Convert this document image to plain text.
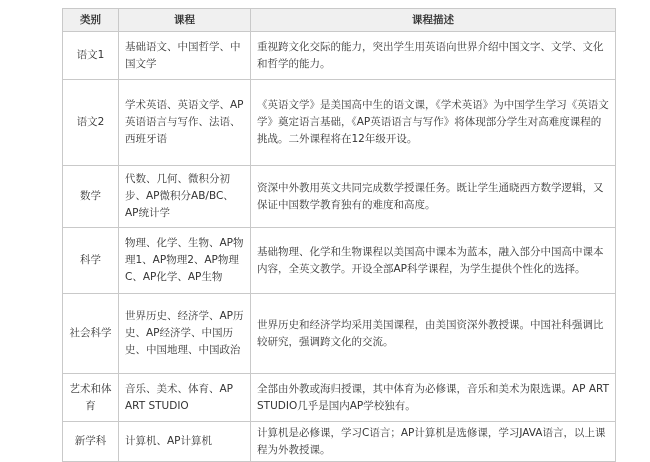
类别	课程	课程描述
语文1	基础语文、中国哲学、中国文学	重视跨文化交际的能力，突出学生用英语向世界介绍中国文字、文学、文化和哲学的能力。
语文2	学术英语、英语文学、AP英语语言与写作、法语、西班牙语	《英语文学》是美国高中生的语文课，《学术英语》为中国学生学习《英语文学》奠定语言基础，《AP英语语言与写作》将体现部分学生对高难度课程的挑战。二外课程将在12年级开设。
数学	代数、几何、微积分初步、AP微积分AB/BC、AP统计学	资深中外教用英文共同完成数学授课任务。既让学生通晓西方数学逻辑，又保证中国数学教育独有的难度和高度。
科学	物理、化学、生物、AP物理1、AP物理2、AP物理C、AP化学、AP生物	基础物理、化学和生物课程以美国高中课本为蓝本，融入部分中国高中课本内容，全英文教学。开设全部AP科学课程，为学生提供个性化的选择。
社会科学	世界历史、经济学、AP历史、AP经济学、中国历史、中国地理、中国政治	世界历史和经济学均采用美国课程，由美国资深外教授课。中国社科强调比较研究，强调跨文化的交流。
艺术和体育	音乐、美术、体育、AP ART STUDIO	全部由外教或海归授课，其中体育为必修课，音乐和美术为限选课。AP ART STUDIO几乎是国内AP学校独有。
新学科	计算机、AP计算机	计算机是必修课，学习C语言；AP计算机是选修课，学习JAVA语言，以上课程为外教授课。
